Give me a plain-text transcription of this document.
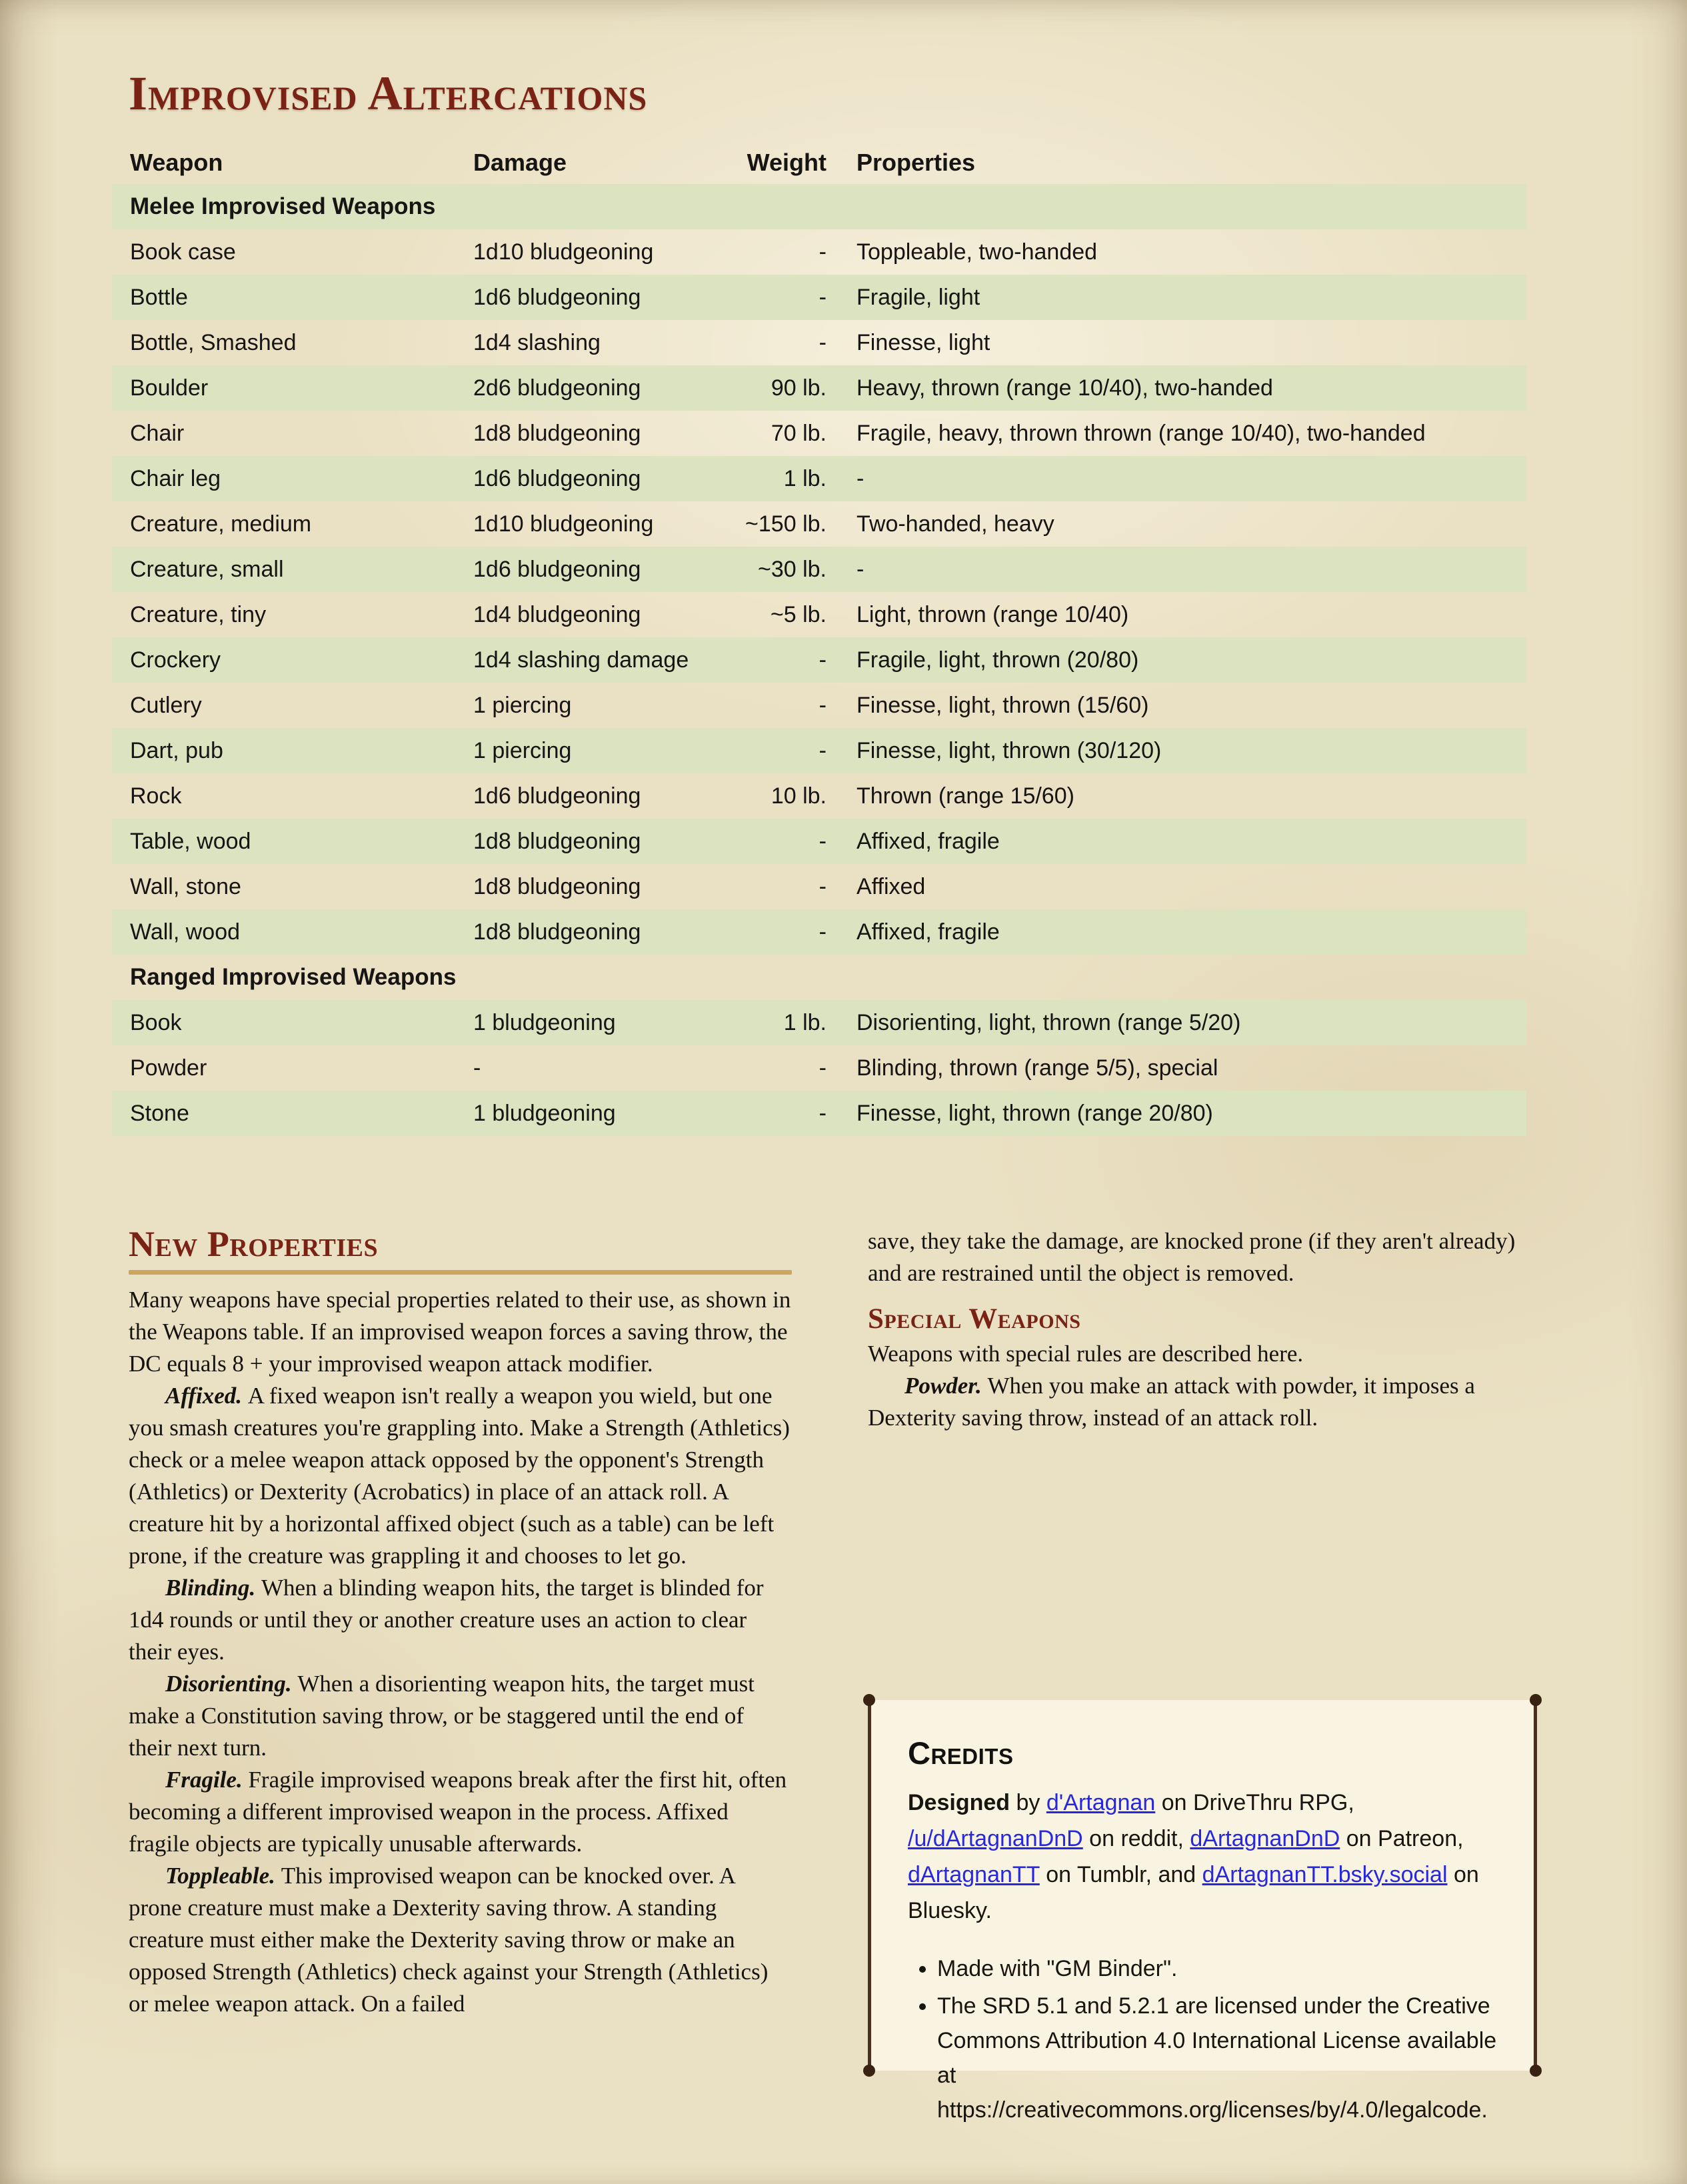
Improvised Altercations
Weapon	Damage	Weight	Properties
Melee Improvised Weapons
Book case	1d10 bludgeoning	-	Toppleable, two-handed
Bottle	1d6 bludgeoning	-	Fragile, light
Bottle, Smashed	1d4 slashing	-	Finesse, light
Boulder	2d6 bludgeoning	90 lb.	Heavy, thrown (range 10/40), two-handed
Chair	1d8 bludgeoning	70 lb.	Fragile, heavy, thrown thrown (range 10/40), two-handed
Chair leg	1d6 bludgeoning	1 lb.	-
Creature, medium	1d10 bludgeoning	~150 lb.	Two-handed, heavy
Creature, small	1d6 bludgeoning	~30 lb.	-
Creature, tiny	1d4 bludgeoning	~5 lb.	Light, thrown (range 10/40)
Crockery	1d4 slashing damage	-	Fragile, light, thrown (20/80)
Cutlery	1 piercing	-	Finesse, light, thrown (15/60)
Dart, pub	1 piercing	-	Finesse, light, thrown (30/120)
Rock	1d6 bludgeoning	10 lb.	Thrown (range 15/60)
Table, wood	1d8 bludgeoning	-	Affixed, fragile
Wall, stone	1d8 bludgeoning	-	Affixed
Wall, wood	1d8 bludgeoning	-	Affixed, fragile
Ranged Improvised Weapons
Book	1 bludgeoning	1 lb.	Disorienting, light, thrown (range 5/20)
Powder	-	-	Blinding, thrown (range 5/5), special
Stone	1 bludgeoning	-	Finesse, light, thrown (range 20/80)
New Properties

Many weapons have special properties related to their use, as shown in the Weapons table. If an improvised weapon forces a saving throw, the DC equals 8 + your improvised weapon attack modifier.

Affixed. A fixed weapon isn't really a weapon you wield, but one you smash creatures you're grappling into. Make a Strength (Athletics) check or a melee weapon attack opposed by the opponent's Strength (Athletics) or Dexterity (Acrobatics) in place of an attack roll. A creature hit by a horizontal affixed object (such as a table) can be left prone, if the creature was grappling it and chooses to let go.

Blinding. When a blinding weapon hits, the target is blinded for 1d4 rounds or until they or another creature uses an action to clear their eyes.

Disorienting. When a disorienting weapon hits, the target must make a Constitution saving throw, or be staggered until the end of their next turn.

Fragile. Fragile improvised weapons break after the first hit, often becoming a different improvised weapon in the process. Affixed fragile objects are typically unusable afterwards.

Toppleable. This improvised weapon can be knocked over. A prone creature must make a Dexterity saving throw. A standing creature must either make the Dexterity saving throw or make an opposed Strength (Athletics) check against your Strength (Athletics) or melee weapon attack. On a failed

save, they take the damage, are knocked prone (if they aren't already) and are restrained until the object is removed.

Special Weapons

Weapons with special rules are described here.

Powder. When you make an attack with powder, it imposes a Dexterity saving throw, instead of an attack roll.

Credits

Designed by d'Artagnan on DriveThru RPG, /u/dArtagnanDnD on reddit, dArtagnanDnD on Patreon, dArtagnanTT on Tumblr, and dArtagnanTT.bsky.social on Bluesky.

• Made with "GM Binder".
• The SRD 5.1 and 5.2.1 are licensed under the Creative Commons Attribution 4.0 International License available at https://creativecommons.org/licenses/by/4.0/legalcode.
